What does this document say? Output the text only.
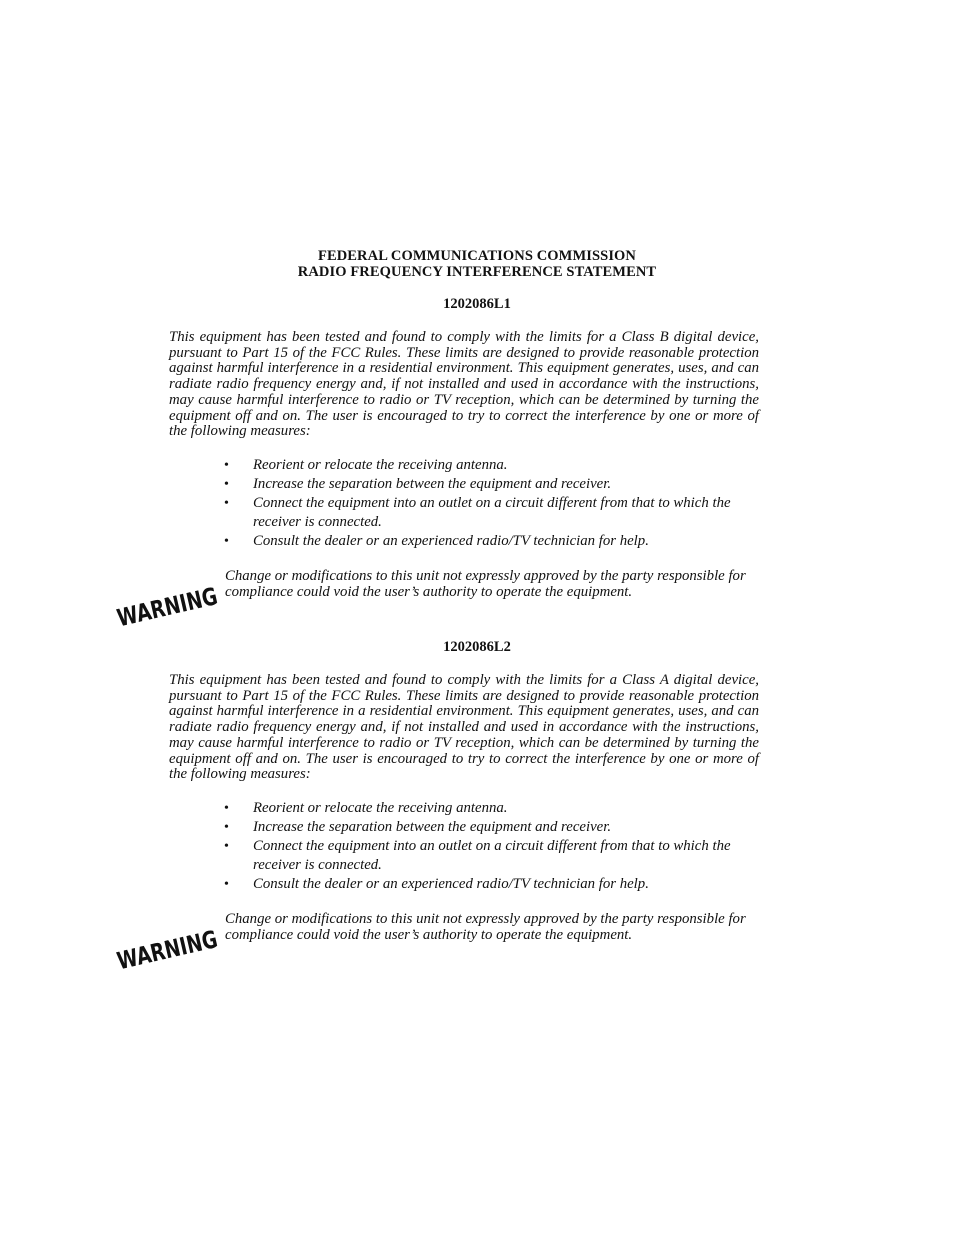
FEDERAL COMMUNICATIONS COMMISSION
RADIO FREQUENCY INTERFERENCE STATEMENT
1202086L1
This equipment has been tested and found to comply with the limits for a Class B digital device, pursuant to Part 15 of the FCC Rules. These limits are designed to provide reasonable protection against harmful interference in a residential environment. This equipment generates, uses, and can radiate radio frequency energy and, if not installed and used in accordance with the instructions, may cause harmful interference to radio or TV reception, which can be determined by turning the equipment off and on. The user is encouraged to try to correct the interference by one or more of the following measures:
• Reorient or relocate the receiving antenna.
• Increase the separation between the equipment and receiver.
• Connect the equipment into an outlet on a circuit different from that to which the receiver is connected.
• Consult the dealer or an experienced radio/TV technician for help.
WARNING
Change or modifications to this unit not expressly approved by the party responsible for compliance could void the user’s authority to operate the equipment.
1202086L2
This equipment has been tested and found to comply with the limits for a Class A digital device, pursuant to Part 15 of the FCC Rules. These limits are designed to provide reasonable protection against harmful interference in a residential environment. This equipment generates, uses, and can radiate radio frequency energy and, if not installed and used in accordance with the instructions, may cause harmful interference to radio or TV reception, which can be determined by turning the equipment off and on. The user is encouraged to try to correct the interference by one or more of the following measures:
• Reorient or relocate the receiving antenna.
• Increase the separation between the equipment and receiver.
• Connect the equipment into an outlet on a circuit different from that to which the receiver is connected.
• Consult the dealer or an experienced radio/TV technician for help.
WARNING
Change or modifications to this unit not expressly approved by the party responsible for compliance could void the user’s authority to operate the equipment.
